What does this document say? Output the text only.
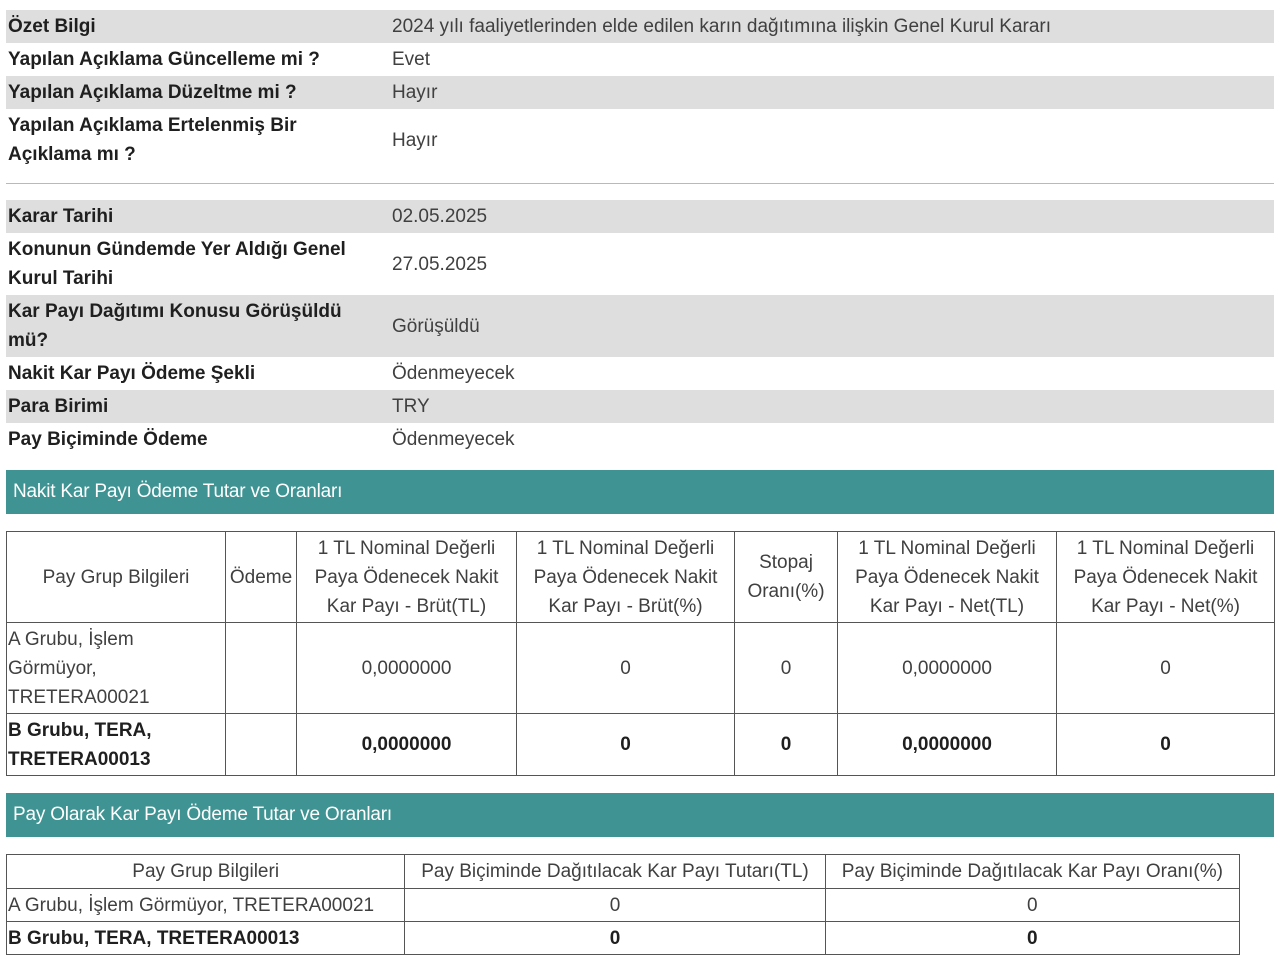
Özet Bilgi	2024 yılı faaliyetlerinden elde edilen karın dağıtımına ilişkin Genel Kurul Kararı
Yapılan Açıklama Güncelleme mi ?	Evet
Yapılan Açıklama Düzeltme mi ?	Hayır
Yapılan Açıklama Ertelenmiş Bir Açıklama mı ?	Hayır
Karar Tarihi	02.05.2025
Konunun Gündemde Yer Aldığı Genel Kurul Tarihi	27.05.2025
Kar Payı Dağıtımı Konusu Görüşüldü mü?	Görüşüldü
Nakit Kar Payı Ödeme Şekli	Ödenmeyecek
Para Birimi	TRY
Pay Biçiminde Ödeme	Ödenmeyecek
Nakit Kar Payı Ödeme Tutar ve Oranları
Pay Grup Bilgileri	Ödeme	1 TL Nominal Değerli Paya Ödenecek Nakit Kar Payı - Brüt(TL)	1 TL Nominal Değerli Paya Ödenecek Nakit Kar Payı - Brüt(%)	Stopaj Oranı(%)	1 TL Nominal Değerli Paya Ödenecek Nakit Kar Payı - Net(TL)	1 TL Nominal Değerli Paya Ödenecek Nakit Kar Payı - Net(%)
A Grubu, İşlem Görmüyor, TRETERA00021		0,0000000	0	0	0,0000000	0
B Grubu, TERA, TRETERA00013		0,0000000	0	0	0,0000000	0
Pay Olarak Kar Payı Ödeme Tutar ve Oranları
Pay Grup Bilgileri	Pay Biçiminde Dağıtılacak Kar Payı Tutarı(TL)	Pay Biçiminde Dağıtılacak Kar Payı Oranı(%)
A Grubu, İşlem Görmüyor, TRETERA00021	0	0
B Grubu, TERA, TRETERA00013	0	0
